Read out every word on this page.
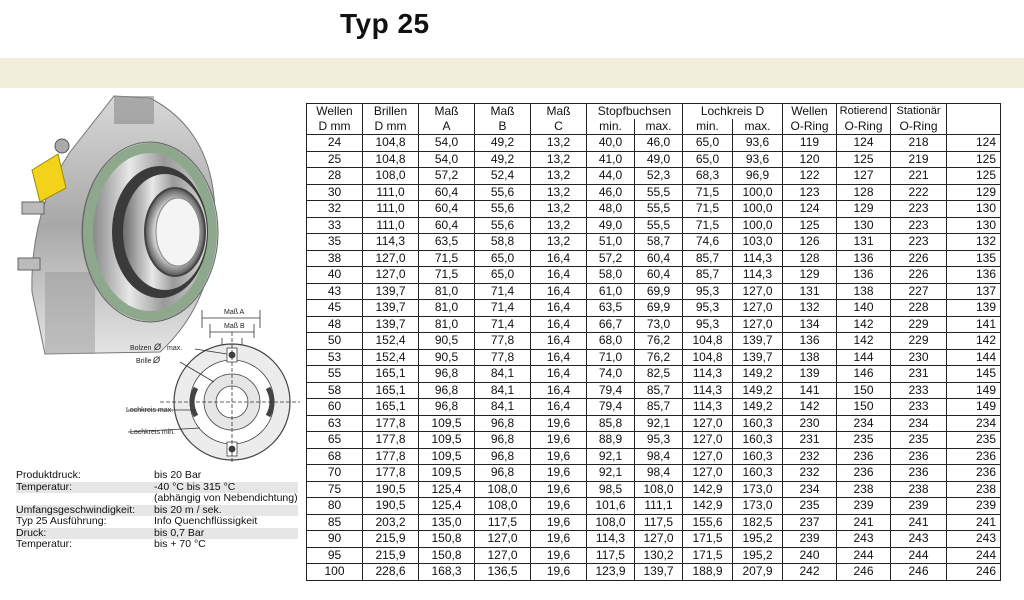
Typ 25
Maß A
Maß B
Bolzen Ø max.
Brille Ø
Lochkreis max.
Lochkreis min.
Produktdruck:	bis 20 Bar
Temperatur:	-40 °C bis 315 °C
(abhängig von Nebendichtung)
Umfangsgeschwindigkeit:	bis 20 m / sek.
Typ 25 Ausführung:	Info Quenchflüssigkeit
Druck:	bis 0,7 Bar
Temperatur:	bis + 70 °C
Wellen	Brillen	Maß	Maß	Maß	Stopfbuchsen		Lochkreis D		Wellen	Rotierend	Stationär	
D mm	D mm	A	B	C	min.	max.	min.	max.	O-Ring	O-Ring	O-Ring	
24	104,8	54,0	49,2	13,2	40,0	46,0	65,0	93,6	119	124	218	124
25	104,8	54,0	49,2	13,2	41,0	49,0	65,0	93,6	120	125	219	125
28	108,0	57,2	52,4	13,2	44,0	52,3	68,3	96,9	122	127	221	125
30	111,0	60,4	55,6	13,2	46,0	55,5	71,5	100,0	123	128	222	129
32	111,0	60,4	55,6	13,2	48,0	55,5	71,5	100,0	124	129	223	130
33	111,0	60,4	55,6	13,2	49,0	55,5	71,5	100,0	125	130	223	130
35	114,3	63,5	58,8	13,2	51,0	58,7	74,6	103,0	126	131	223	132
38	127,0	71,5	65,0	16,4	57,2	60,4	85,7	114,3	128	136	226	135
40	127,0	71,5	65,0	16,4	58,0	60,4	85,7	114,3	129	136	226	136
43	139,7	81,0	71,4	16,4	61,0	69,9	95,3	127,0	131	138	227	137
45	139,7	81,0	71,4	16,4	63,5	69,9	95,3	127,0	132	140	228	139
48	139,7	81,0	71,4	16,4	66,7	73,0	95,3	127,0	134	142	229	141
50	152,4	90,5	77,8	16,4	68,0	76,2	104,8	139,7	136	142	229	142
53	152,4	90,5	77,8	16,4	71,0	76,2	104,8	139,7	138	144	230	144
55	165,1	96,8	84,1	16,4	74,0	82,5	114,3	149,2	139	146	231	145
58	165,1	96,8	84,1	16,4	79,4	85,7	114,3	149,2	141	150	233	149
60	165,1	96,8	84,1	16,4	79,4	85,7	114,3	149,2	142	150	233	149
63	177,8	109,5	96,8	19,6	85,8	92,1	127,0	160,3	230	234	234	234
65	177,8	109,5	96,8	19,6	88,9	95,3	127,0	160,3	231	235	235	235
68	177,8	109,5	96,8	19,6	92,1	98,4	127,0	160,3	232	236	236	236
70	177,8	109,5	96,8	19,6	92,1	98,4	127,0	160,3	232	236	236	236
75	190,5	125,4	108,0	19,6	98,5	108,0	142,9	173,0	234	238	238	238
80	190,5	125,4	108,0	19,6	101,6	111,1	142,9	173,0	235	239	239	239
85	203,2	135,0	117,5	19,6	108,0	117,5	155,6	182,5	237	241	241	241
90	215,9	150,8	127,0	19,6	114,3	127,0	171,5	195,2	239	243	243	243
95	215,9	150,8	127,0	19,6	117,5	130,2	171,5	195,2	240	244	244	244
100	228,6	168,3	136,5	19,6	123,9	139,7	188,9	207,9	242	246	246	246
